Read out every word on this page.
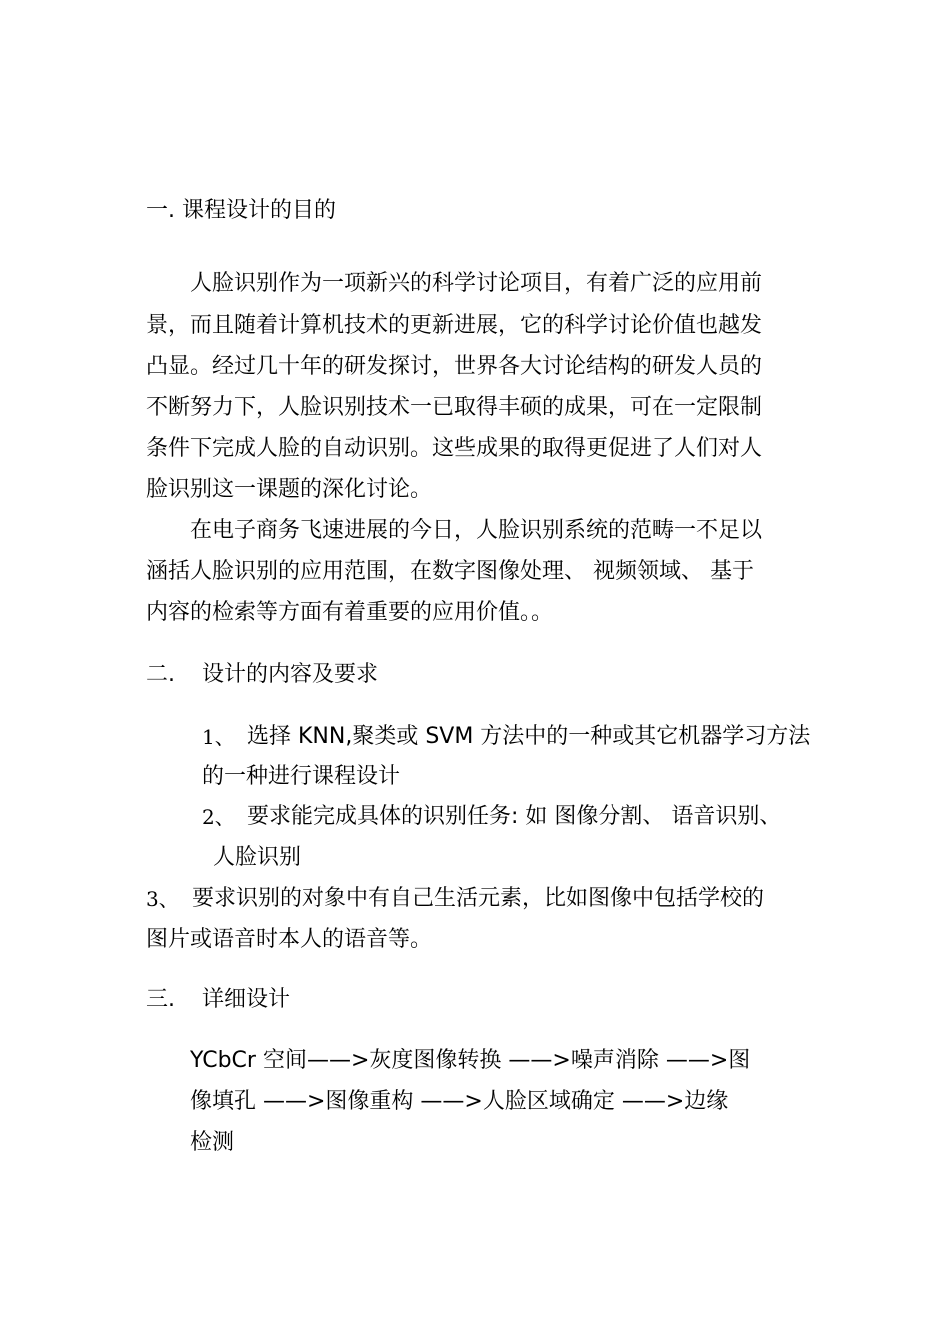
一. 课程设计的目的
人脸识别作为一项新兴的科学讨论项目，有着广泛的应用前
景，而且随着计算机技术的更新进展，它的科学讨论价值也越发
凸显。经过几十年的研发探讨，世界各大讨论结构的研发人员的
不断努力下，人脸识别技术一已取得丰硕的成果，可在一定限制
条件下完成人脸的自动识别。这些成果的取得更促进了人们对人
脸识别这一课题的深化讨论。
在电子商务飞速进展的今日，人脸识别系统的范畴一不足以
涵括人脸识别的应用范围，在数字图像处理、 视频领域、 基于
内容的检索等方面有着重要的应用价值。。
二. 设计的内容及要求
1、 选择 KNN,聚类或 SVM 方法中的一种或其它机器学习方法
的一种进行课程设计
2、 要求能完成具体的识别任务: 如 图像分割、 语音识别、
人脸识别
3、 要求识别的对象中有自己生活元素，比如图像中包括学校的
图片或语音时本人的语音等。
三. 详细设计
YCbCr 空间——>灰度图像转换 ——>噪声消除 ——>图
像填孔 ——>图像重构 ——>人脸区域确定 ——>边缘
检测
